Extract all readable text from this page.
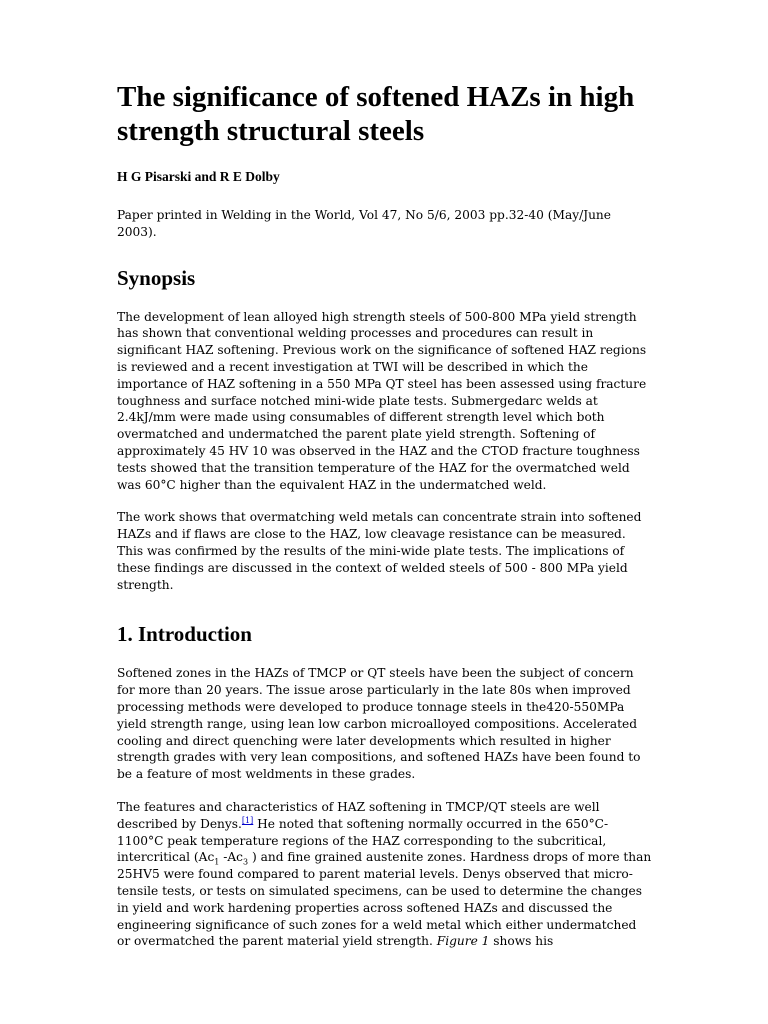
The significance of softened HAZs in high strength structural steels
H G Pisarski and R E Dolby

Paper printed in Welding in the World, Vol 47, No 5/6, 2003 pp.32-40 (May/June 2003).

Synopsis

The development of lean alloyed high strength steels of 500-800 MPa yield strength has shown that conventional welding processes and procedures can result in significant HAZ softening. Previous work on the significance of softened HAZ regions is reviewed and a recent investigation at TWI will be described in which the importance of HAZ softening in a 550 MPa QT steel has been assessed using fracture toughness and surface notched mini-wide plate tests. Submergedarc welds at 2.4kJ/mm were made using consumables of different strength level which both overmatched and undermatched the parent plate yield strength. Softening of approximately 45 HV 10 was observed in the HAZ and the CTOD fracture toughness tests showed that the transition temperature of the HAZ for the overmatched weld was 60°C higher than the equivalent HAZ in the undermatched weld.

The work shows that overmatching weld metals can concentrate strain into softened HAZs and if flaws are close to the HAZ, low cleavage resistance can be measured. This was confirmed by the results of the mini-wide plate tests. The implications of these findings are discussed in the context of welded steels of 500 - 800 MPa yield strength.

1. Introduction

Softened zones in the HAZs of TMCP or QT steels have been the subject of concern for more than 20 years. The issue arose particularly in the late 80s when improved processing methods were developed to produce tonnage steels in the420-550MPa yield strength range, using lean low carbon microalloyed compositions. Accelerated cooling and direct quenching were later developments which resulted in higher strength grades with very lean compositions, and softened HAZs have been found to be a feature of most weldments in these grades.

The features and characteristics of HAZ softening in TMCP/QT steels are well described by Denys.[1] He noted that softening normally occurred in the 650°C-1100°C peak temperature regions of the HAZ corresponding to the subcritical, intercritical ($Ac_1$ $-Ac_3$ ) and fine grained austenite zones. Hardness drops of more than 25HV5 were found compared to parent material levels. Denys observed that micro-tensile tests, or tests on simulated specimens, can be used to determine the changes in yield and work hardening properties across softened HAZs and discussed the engineering significance of such zones for a weld metal which either undermatched or overmatched the parent material yield strength. Figure 1 shows his
